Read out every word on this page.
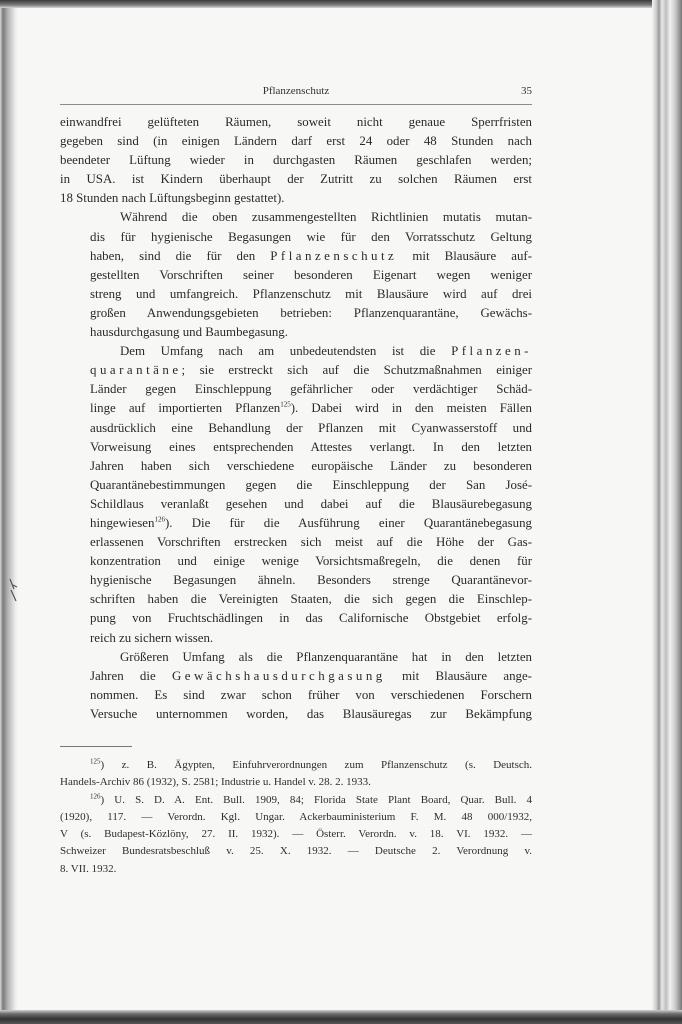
Pflanzenschutz	35

einwandfrei gelüfteten Räumen, soweit nicht genaue Sperrfristen
gegeben sind (in einigen Ländern darf erst 24 oder 48 Stunden nach
beendeter Lüftung wieder in durchgasten Räumen geschlafen werden;
in USA. ist Kindern überhaupt der Zutritt zu solchen Räumen erst
18 Stunden nach Lüftungsbeginn gestattet).

Während die oben zusammengestellten Richtlinien mutatis mutan-
dis für hygienische Begasungen wie für den Vorratsschutz Geltung
haben, sind die für den Pflanzenschutz mit Blausäure auf-
gestellten Vorschriften seiner besonderen Eigenart wegen weniger
streng und umfangreich. Pflanzenschutz mit Blausäure wird auf drei
großen Anwendungsgebieten betrieben: Pflanzenquarantäne, Gewächs-
hausdurchgasung und Baumbegasung.

Dem Umfang nach am unbedeutendsten ist die Pflanzen-
quarantäne; sie erstreckt sich auf die Schutzmaßnahmen einiger
Länder gegen Einschleppung gefährlicher oder verdächtiger Schäd-
linge auf importierten Pflanzen$^{125}$). Dabei wird in den meisten Fällen
ausdrücklich eine Behandlung der Pflanzen mit Cyanwasserstoff und
Vorweisung eines entsprechenden Attestes verlangt. In den letzten
Jahren haben sich verschiedene europäische Länder zu besonderen
Quarantänebestimmungen gegen die Einschleppung der San José-
Schildlaus veranlaßt gesehen und dabei auf die Blausäurebegasung
hingewiesen$^{126}$). Die für die Ausführung einer Quarantänebegasung
erlassenen Vorschriften erstrecken sich meist auf die Höhe der Gas-
konzentration und einige wenige Vorsichtsmaßregeln, die denen für
hygienische Begasungen ähneln. Besonders strenge Quarantänevor-
schriften haben die Vereinigten Staaten, die sich gegen die Einschlep-
pung von Fruchtschädlingen in das Californische Obstgebiet erfolg-
reich zu sichern wissen.

Größeren Umfang als die Pflanzenquarantäne hat in den letzten
Jahren die Gewächshausdurchgasung mit Blausäure ange-
nommen. Es sind zwar schon früher von verschiedenen Forschern
Versuche unternommen worden, das Blausäuregas zur Bekämpfung

$^{125}$) z. B. Ägypten, Einfuhrverordnungen zum Pflanzenschutz (s. Deutsch.
Handels-Archiv 86 (1932), S. 2581; Industrie u. Handel v. 28. 2. 1933.
$^{126}$) U. S. D. A. Ent. Bull. 1909, 84; Florida State Plant Board, Quar. Bull. 4
(1920), 117. — Verordn. Kgl. Ungar. Ackerbauministerium F. M. 48 000/1932,
V (s. Budapest-Közlöny, 27. II. 1932). — Österr. Verordn. v. 18. VI. 1932. —
Schweizer Bundesratsbeschluß v. 25. X. 1932. — Deutsche 2. Verordnung v.
8. VII. 1932.
